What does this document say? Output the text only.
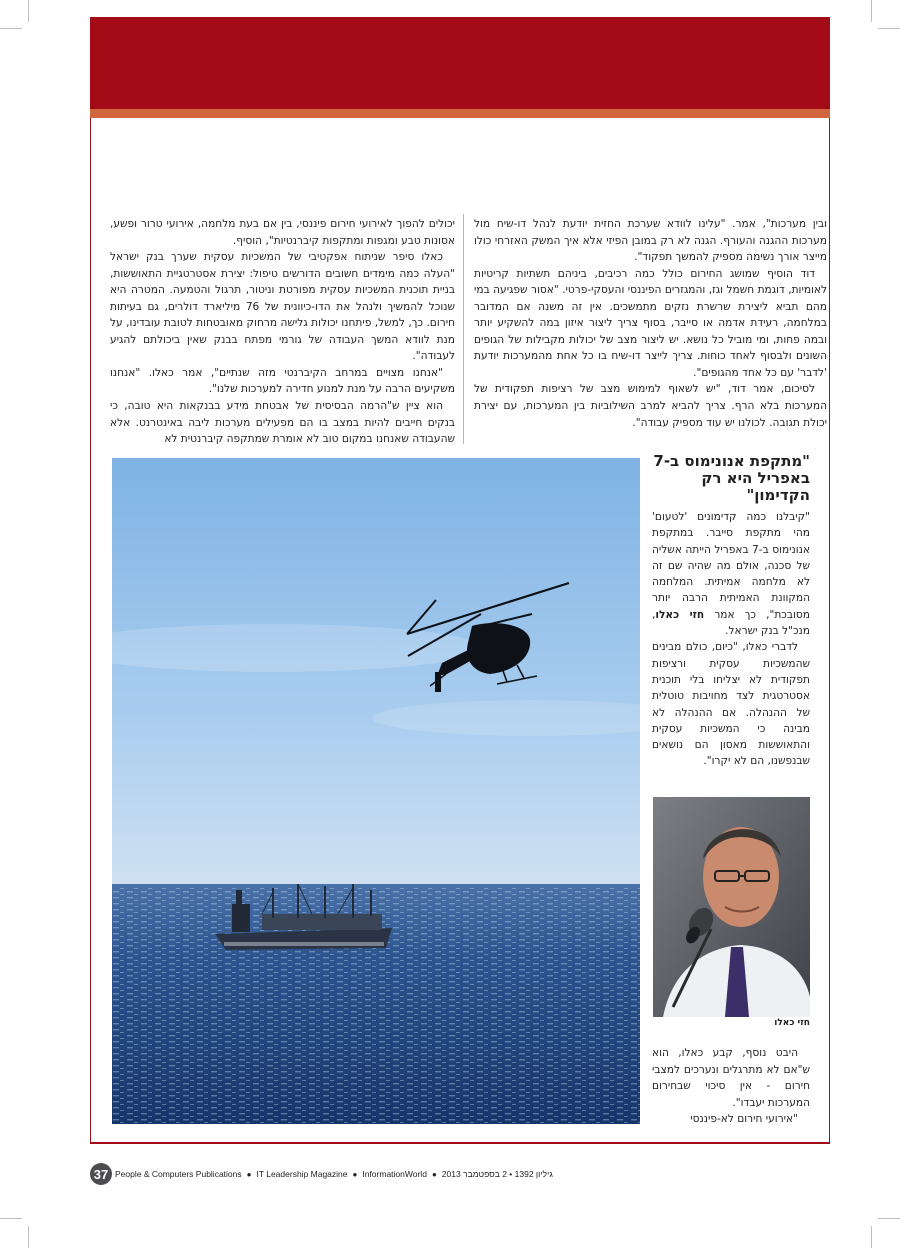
ובין מערכות", אמר. "עלינו לוודא שערכת החזית יודעת לנהל דו-שיח מול מערכות ההגנה והעורף. הגנה לא רק במובן הפיזי אלא איך המשק האזרחי כולו מייצר אורך נשימה מספיק להמשך תפקוד".

דוד הוסיף שמושג החירום כולל כמה רכיבים, ביניהם תשתיות קריטיות לאומיות, דוגמת חשמל וגז, והמגזרים הפיננסי והעסקי-פרטי. "אסור שפגיעה במי מהם תביא ליצירת שרשרת נזקים מתמשכים. אין זה משנה אם המדובר במלחמה, רעידת אדמה או סייבר, בסוף צריך ליצור איזון במה להשקיע יותר ובמה פחות, ומי מוביל כל נושא. יש ליצור מצב של יכולות מקבילות של הגופים השונים ולבסוף לאחד כוחות. צריך לייצר דו-שיח בו כל אחת מהמערכות יודעת 'לדבר' עם כל אחד מהגופים".

לסיכום, אמר דוד, "יש לשאוף למימוש מצב של רציפות תפקודית של המערכות בלא הרף. צריך להביא למרב השילוביות בין המערכות, עם יצירת יכולת תגובה. לכולנו יש עוד מספיק עבודה".

יכולים להפוך לאירועי חירום פיננסי, בין אם בעת מלחמה, אירועי טרור ופשע, אסונות טבע ומגפות ומתקפות קיברנטיות", הוסיף.

כאלו סיפר שניתוח אפקטיבי של המשכיות עסקית שערך בנק ישראל "העלה כמה מימדים חשובים הדורשים טיפול: יצירת אסטרטגיית התאוששות, בניית תוכנית המשכיות עסקית מפורטת וניטור, תרגול והטמעה. המטרה היא שנוכל להמשיך ולנהל את הדו-כיוונית של 76 מיליארד דולרים, גם בעיתות חירום. כך, למשל, פיתחנו יכולות גלישה מרחוק מאובטחות לטובת עובדינו, על מנת לוודא המשך העבודה של גורמי מפתח בבנק שאין ביכולתם להגיע לעבודה".

"אנחנו מצויים במרחב הקיברנטי מזה שנתיים", אמר כאלו. "אנחנו משקיעים הרבה על מנת למנוע חדירה למערכות שלנו".

הוא ציין ש"הרמה הבסיסית של אבטחת מידע בבנקאות היא טובה, כי בנקים חייבים להיות במצב בו הם מפעילים מערכות ליבה באינטרנט. אלא שהעבודה שאנחנו במקום טוב לא אומרת שמתקפה קיברנטית לא

"מתקפת אנונימוס ב-7 באפריל היא רק הקדימון"

"קיבלנו כמה קדימונים 'לטעום' מהי מתקפת סייבר. במתקפת אנונימוס ב-7 באפריל הייתה אשליה של סכנה, אולם מה שהיה שם זה לא מלחמה אמיתית. המלחמה המקוונת האמיתית הרבה יותר מסובכת", כך אמר חזי כאלו, מנכ"ל בנק ישראל.

לדברי כאלו, "כיום, כולם מבינים שהמשכיות עסקית ורציפות תפקודית לא יצליחו בלי תוכנית אסטרטגית לצד מחויבות טוטלית של ההנהלה. אם ההנהלה לא מבינה כי המשכיות עסקית והתאוששות מאסון הם נושאים שבנפשנו, הם לא יקרו".

חזי כאלו

היבט נוסף, קבע כאלו, הוא ש"אם לא מתרגלים ונערכים למצבי חירום - אין סיכוי שבחירום המערכות יעבדו".

"אירועי חירום לא-פיננסי

37 People & Computers Publications ● IT Leadership Magazine ● InformationWorld ● גיליון 1392 • 2 בספטמבר 2013
